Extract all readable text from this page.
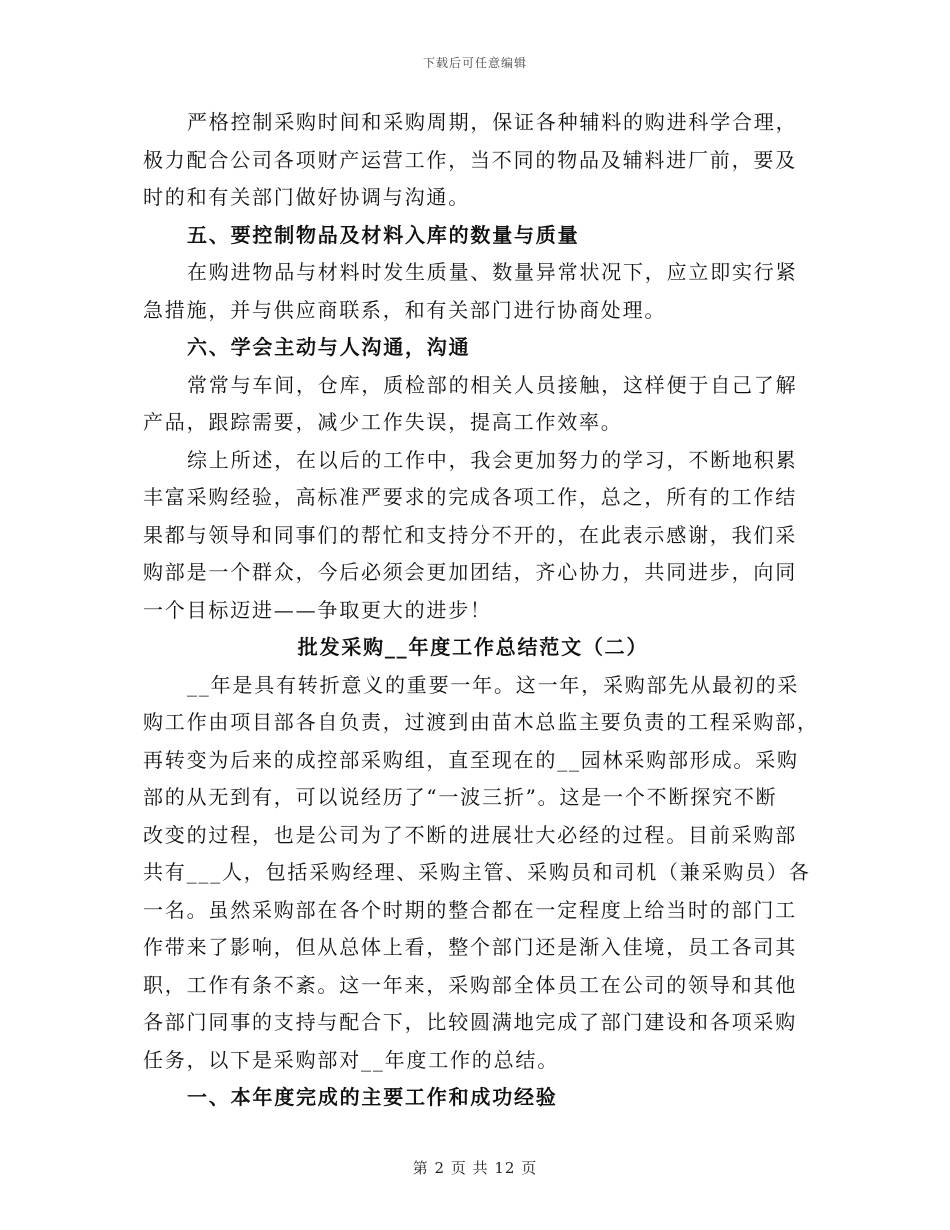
下载后可任意编辑
严格控制采购时间和采购周期，保证各种辅料的购进科学合理，
极力配合公司各项财产运营工作，当不同的物品及辅料进厂前，要及
时的和有关部门做好协调与沟通。
五、要控制物品及材料入库的数量与质量
在购进物品与材料时发生质量、数量异常状况下，应立即实行紧
急措施，并与供应商联系，和有关部门进行协商处理。
六、学会主动与人沟通，沟通
常常与车间，仓库，质检部的相关人员接触，这样便于自己了解
产品，跟踪需要，减少工作失误，提高工作效率。
综上所述，在以后的工作中，我会更加努力的学习，不断地积累
丰富采购经验，高标准严要求的完成各项工作，总之，所有的工作结
果都与领导和同事们的帮忙和支持分不开的，在此表示感谢，我们采
购部是一个群众，今后必须会更加团结，齐心协力，共同进步，向同
一个目标迈进——争取更大的进步！
批发采购__年度工作总结范文（二）
__年是具有转折意义的重要一年。这一年，采购部先从最初的采
购工作由项目部各自负责，过渡到由苗木总监主要负责的工程采购部，
再转变为后来的成控部采购组，直至现在的__园林采购部形成。采购
部的从无到有，可以说经历了“一波三折”。这是一个不断探究不断
改变的过程，也是公司为了不断的进展壮大必经的过程。目前采购部
共有___人，包括采购经理、采购主管、采购员和司机（兼采购员）各
一名。虽然采购部在各个时期的整合都在一定程度上给当时的部门工
作带来了影响，但从总体上看，整个部门还是渐入佳境，员工各司其
职，工作有条不紊。这一年来，采购部全体员工在公司的领导和其他
各部门同事的支持与配合下，比较圆满地完成了部门建设和各项采购
任务，以下是采购部对__年度工作的总结。
一、本年度完成的主要工作和成功经验
第 2 页 共 12 页
